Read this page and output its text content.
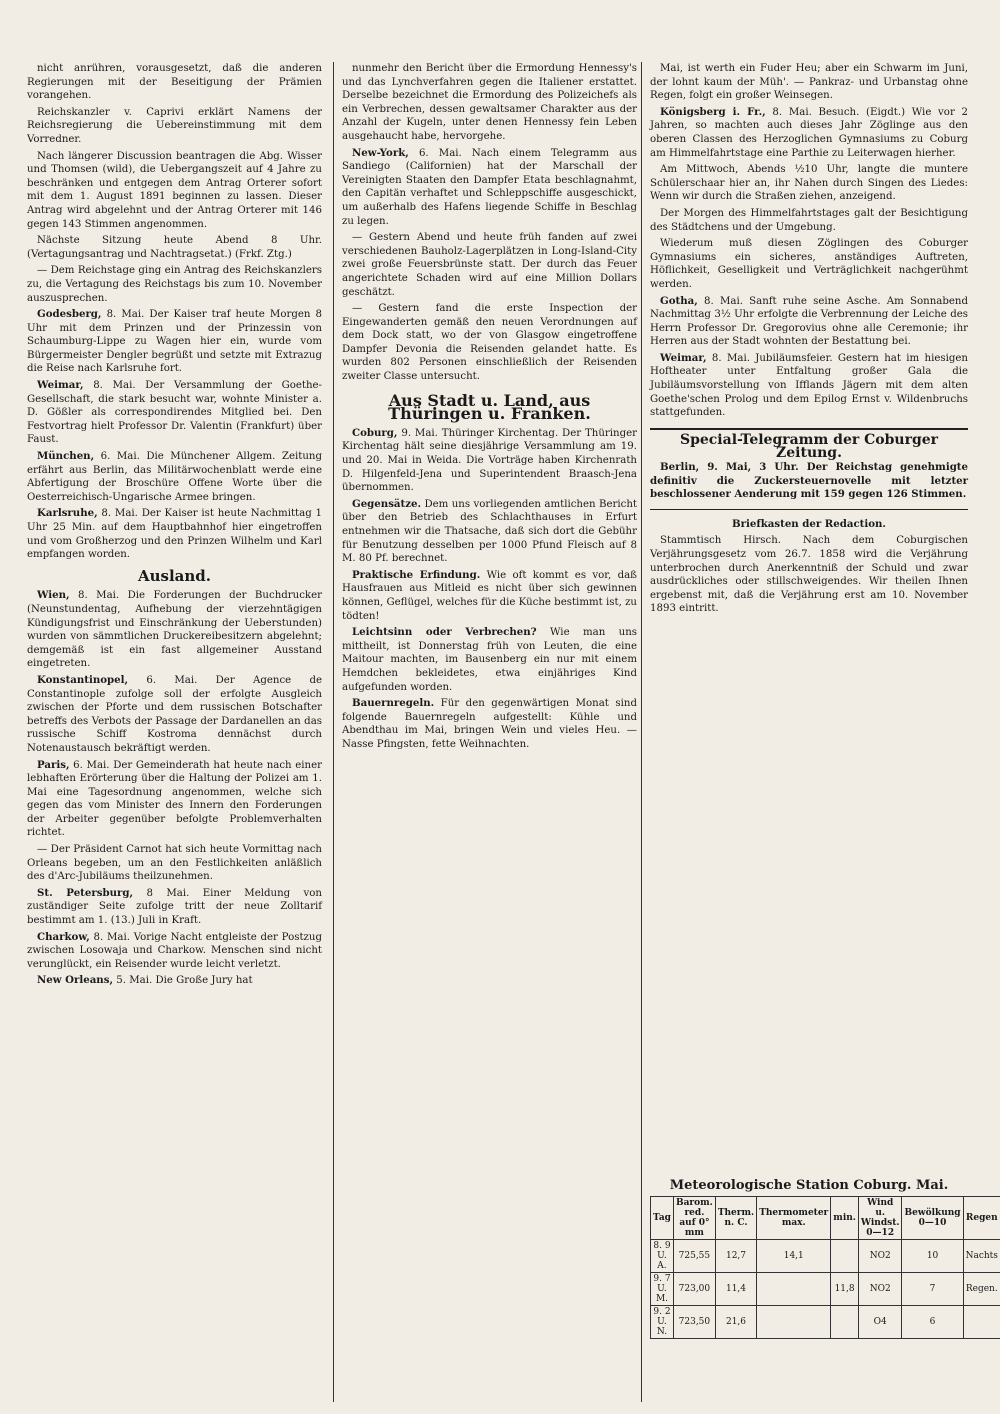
nicht anrühren, vorausgesetzt, daß die anderen Regierungen mit der Beseitigung der Prämien vorangehen.

Reichskanzler v. Caprivi erklärt Namens der Reichsregierung die Uebereinstimmung mit dem Vorredner.

Nach längerer Discussion beantragen die Abg. Wisser und Thomsen (wild), die Uebergangszeit auf 4 Jahre zu beschränken und entgegen dem Antrag Orterer sofort mit dem 1. August 1891 beginnen zu lassen. Dieser Antrag wird abgelehnt und der Antrag Orterer mit 146 gegen 143 Stimmen angenommen.

Nächste Sitzung heute Abend 8 Uhr. (Vertagungsantrag und Nachtragsetat.) (Frkf. Ztg.)

— Dem Reichstage ging ein Antrag des Reichskanzlers zu, die Vertagung des Reichstags bis zum 10. November auszusprechen.

Godesberg, 8. Mai. Der Kaiser traf heute Morgen 8 Uhr mit dem Prinzen und der Prinzessin von Schaumburg-Lippe zu Wagen hier ein, wurde vom Bürgermeister Dengler begrüßt und setzte mit Extrazug die Reise nach Karlsruhe fort.

Weimar, 8. Mai. Der Versammlung der Goethe-Gesellschaft, die stark besucht war, wohnte Minister a. D. Gößler als correspondirendes Mitglied bei. Den Festvortrag hielt Professor Dr. Valentin (Frankfurt) über Faust.

München, 6. Mai. Die Münchener Allgem. Zeitung erfährt aus Berlin, das Militärwochenblatt werde eine Abfertigung der Broschüre Offene Worte über die Oesterreichisch-Ungarische Armee bringen.

Karlsruhe, 8. Mai. Der Kaiser ist heute Nachmittag 1 Uhr 25 Min. auf dem Hauptbahnhof hier eingetroffen und vom Großherzog und den Prinzen Wilhelm und Karl empfangen worden.

Ausland.

Wien, 8. Mai. Die Forderungen der Buchdrucker (Neunstundentag, Aufhebung der vierzehntägigen Kündigungsfrist und Einschränkung der Ueberstunden) wurden von sämmtlichen Druckereibesitzern abgelehnt; demgemäß ist ein fast allgemeiner Ausstand eingetreten.

Konstantinopel, 6. Mai. Der Agence de Constantinople zufolge soll der erfolgte Ausgleich zwischen der Pforte und dem russischen Botschafter betreffs des Verbots der Passage der Dardanellen an das russische Schiff Kostroma dennächst durch Notenaustausch bekräftigt werden.

Paris, 6. Mai. Der Gemeinderath hat heute nach einer lebhaften Erörterung über die Haltung der Polizei am 1. Mai eine Tagesordnung angenommen, welche sich gegen das vom Minister des Innern den Forderungen der Arbeiter gegenüber befolgte Problemverhalten richtet.

— Der Präsident Carnot hat sich heute Vormittag nach Orleans begeben, um an den Festlichkeiten anläßlich des d'Arc-Jubiläums theilzunehmen.

St. Petersburg, 8 Mai. Einer Meldung von zuständiger Seite zufolge tritt der neue Zolltarif bestimmt am 1. (13.) Juli in Kraft.

Charkow, 8. Mai. Vorige Nacht entgleiste der Postzug zwischen Losowaja und Charkow. Menschen sind nicht verunglückt, ein Reisender wurde leicht verletzt.

New Orleans, 5. Mai. Die Große Jury hat

nunmehr den Bericht über die Ermordung Hennessy's und das Lynchverfahren gegen die Italiener erstattet. Derselbe bezeichnet die Ermordung des Polizeichefs als ein Verbrechen, dessen gewaltsamer Charakter aus der Anzahl der Kugeln, unter denen Hennessy fein Leben ausgehaucht habe, hervorgehe.

New-York, 6. Mai. Nach einem Telegramm aus Sandiego (Californien) hat der Marschall der Vereinigten Staaten den Dampfer Etata beschlagnahmt, den Capitän verhaftet und Schleppschiffe ausgeschickt, um außerhalb des Hafens liegende Schiffe in Beschlag zu legen.

— Gestern Abend und heute früh fanden auf zwei verschiedenen Bauholz-Lagerplätzen in Long-Island-City zwei große Feuersbrünste statt. Der durch das Feuer angerichtete Schaden wird auf eine Million Dollars geschätzt.

— Gestern fand die erste Inspection der Eingewanderten gemäß den neuen Verordnungen auf dem Dock statt, wo der von Glasgow eingetroffene Dampfer Devonia die Reisenden gelandet hatte. Es wurden 802 Personen einschließlich der Reisenden zweiter Classe untersucht.

Aus Stadt u. Land, aus Thüringen u. Franken.

Coburg, 9. Mai. Thüringer Kirchentag. Der Thüringer Kirchentag hält seine diesjährige Versammlung am 19. und 20. Mai in Weida. Die Vorträge haben Kirchenrath D. Hilgenfeld-Jena und Superintendent Braasch-Jena übernommen.

Gegensätze. Dem uns vorliegenden amtlichen Bericht über den Betrieb des Schlachthauses in Erfurt entnehmen wir die Thatsache, daß sich dort die Gebühr für Benutzung desselben per 1000 Pfund Fleisch auf 8 M. 80 Pf. berechnet.

Praktische Erfindung. Wie oft kommt es vor, daß Hausfrauen aus Mitleid es nicht über sich gewinnen können, Geflügel, welches für die Küche bestimmt ist, zu tödten!

Leichtsinn oder Verbrechen? Wie man uns mittheilt, ist Donnerstag früh von Leuten, die eine Maitour machten, im Bausenberg ein nur mit einem Hemdchen bekleidetes, etwa einjähriges Kind aufgefunden worden.

Bauernregeln. Für den gegenwärtigen Monat sind folgende Bauernregeln aufgestellt: Kühle und Abendthau im Mai, bringen Wein und vieles Heu. — Nasse Pfingsten, fette Weihnachten.

Mai, ist werth ein Fuder Heu; aber ein Schwarm im Juni, der lohnt kaum der Müh'. — Pankraz- und Urbanstag ohne Regen, folgt ein großer Weinsegen.

Königsberg i. Fr., 8. Mai. Besuch. (Eigdt.) Wie vor 2 Jahren, so machten auch dieses Jahr Zöglinge aus den oberen Classen des Herzoglichen Gymnasiums zu Coburg am Himmelfahrtstage eine Parthie zu Leiterwagen hierher.

Am Mittwoch, Abends ½10 Uhr, langte die muntere Schülerschaar hier an, ihr Nahen durch Singen des Liedes: Wenn wir durch die Straßen ziehen, anzeigend.

Der Morgen des Himmelfahrtstages galt der Besichtigung des Städtchens und der Umgebung.

Wiederum muß diesen Zöglingen des Coburger Gymnasiums ein sicheres, anständiges Auftreten, Höflichkeit, Geselligkeit und Verträglichkeit nachgerühmt werden.

Gotha, 8. Mai. Sanft ruhe seine Asche. Am Sonnabend Nachmittag 3½ Uhr erfolgte die Verbrennung der Leiche des Herrn Professor Dr. Gregorovius ohne alle Ceremonie; ihr Herren aus der Stadt wohnten der Bestattung bei.

Weimar, 8. Mai. Jubiläumsfeier. Gestern hat im hiesigen Hoftheater unter Entfaltung großer Gala die Jubiläumsvorstellung von Ifflands Jägern mit dem alten Goethe'schen Prolog und dem Epilog Ernst v. Wildenbruchs stattgefunden.

Special-Telegramm der Coburger Zeitung.

Berlin, 9. Mai, 3 Uhr. Der Reichstag genehmigte definitiv die Zuckersteuernovelle mit letzter beschlossener Aenderung mit 159 gegen 126 Stimmen.

Briefkasten der Redaction.

Stammtisch Hirsch. Nach dem Coburgischen Verjährungsgesetz vom 26.7. 1858 wird die Verjährung unterbrochen durch Anerkenntniß der Schuld und zwar ausdrückliches oder stillschweigendes. Wir theilen Ihnen ergebenst mit, daß die Verjährung erst am 10. November 1893 eintritt.

Meteorologische Station Coburg. Mai.
Tag	Barom. red. auf 0° mm	Therm. n. C.	Thermometer max.	min.	Wind u. Windst. 0—12	Bewölkung 0—10	Regen
8. 9 U. A.	725,55	12,7	14,1		NO2	10	Nachts
9. 7 U. M.	723,00	11,4		11,8	NO2	7	Regen.
9. 2 U. N.	723,50	21,6			O4	6	
